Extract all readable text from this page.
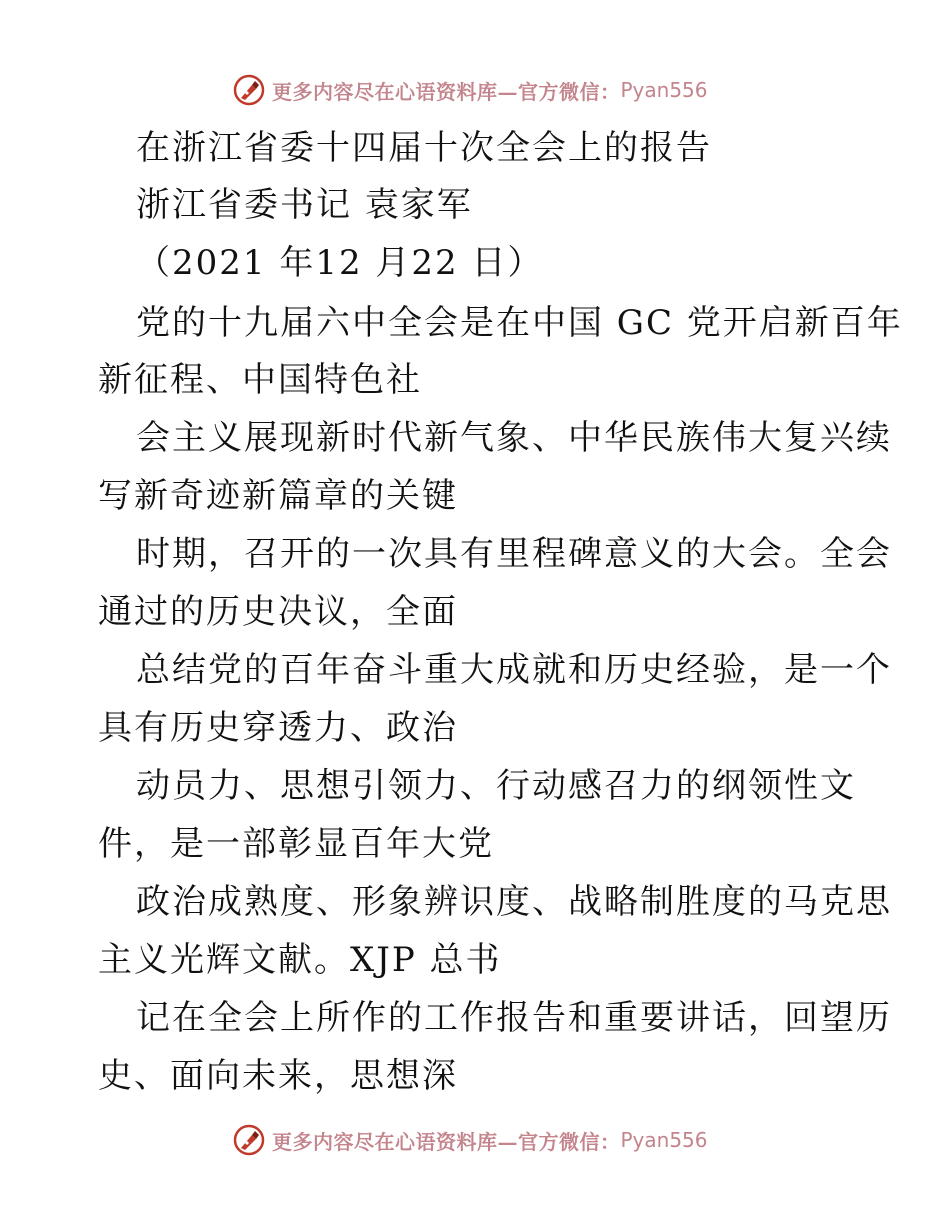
更多内容尽在心语资料库—官方微信： Pyan556
在浙江省委十四届十次全会上的报告
浙江省委书记 袁家军
（2021 年12 月22 日）
党的十九届六中全会是在中国 GC 党开启新百年
新征程、中国特色社
会主义展现新时代新气象、中华民族伟大复兴续
写新奇迹新篇章的关键
时期，召开的一次具有里程碑意义的大会。全会
通过的历史决议，全面
总结党的百年奋斗重大成就和历史经验，是一个
具有历史穿透力、政治
动员力、思想引领力、行动感召力的纲领性文
件，是一部彰显百年大党
政治成熟度、形象辨识度、战略制胜度的马克思
主义光辉文献。XJP 总书
记在全会上所作的工作报告和重要讲话，回望历
史、面向未来，思想深
更多内容尽在心语资料库—官方微信： Pyan556
